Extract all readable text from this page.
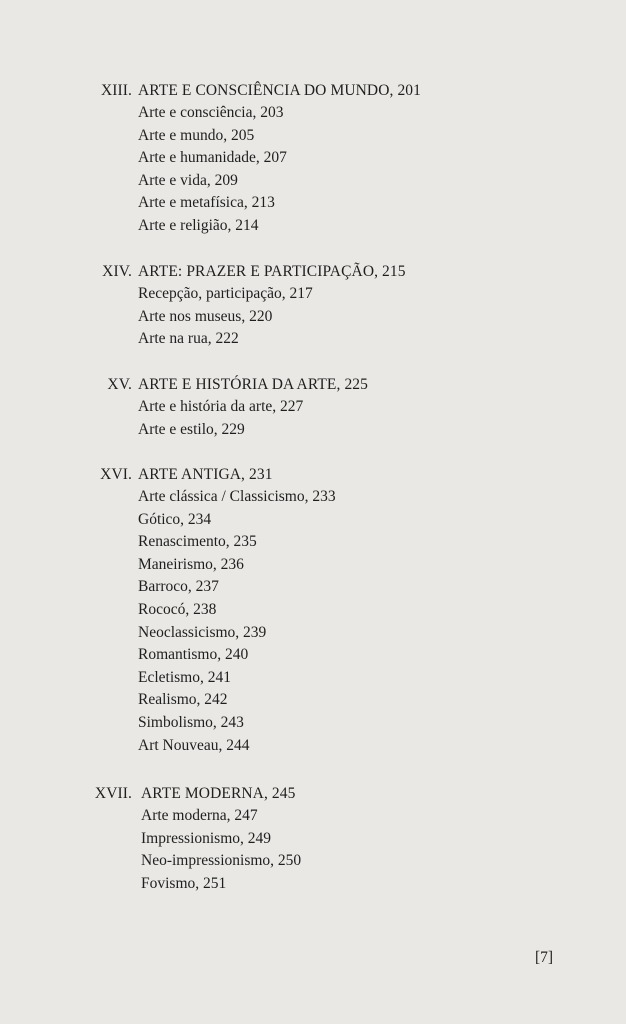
XIII. ARTE E CONSCIÊNCIA DO MUNDO, 201
Arte e consciência, 203
Arte e mundo, 205
Arte e humanidade, 207
Arte e vida, 209
Arte e metafísica, 213
Arte e religião, 214
XIV. ARTE: PRAZER E PARTICIPAÇÃO, 215
Recepção, participação, 217
Arte nos museus, 220
Arte na rua, 222
XV. ARTE E HISTÓRIA DA ARTE, 225
Arte e história da arte, 227
Arte e estilo, 229
XVI. ARTE ANTIGA, 231
Arte clássica / Classicismo, 233
Gótico, 234
Renascimento, 235
Maneirismo, 236
Barroco, 237
Rococó, 238
Neoclassicismo, 239
Romantismo, 240
Ecletismo, 241
Realismo, 242
Simbolismo, 243
Art Nouveau, 244
XVII. ARTE MODERNA, 245
Arte moderna, 247
Impressionismo, 249
Neo-impressionismo, 250
Fovismo, 251
[7]
